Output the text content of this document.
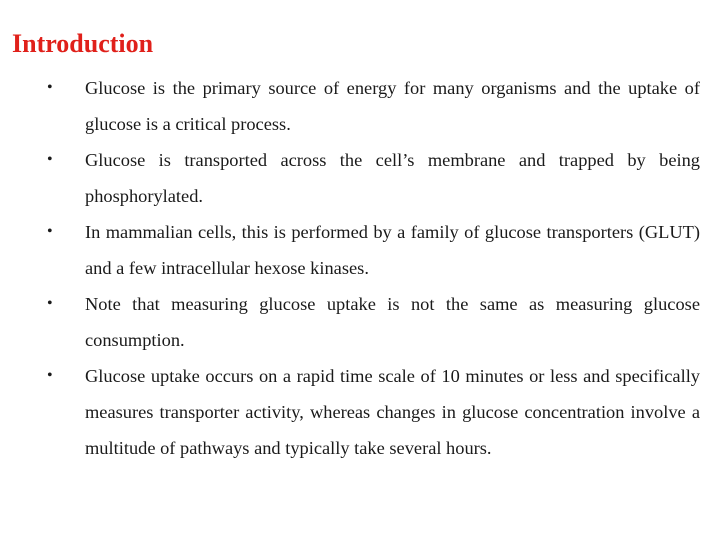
Introduction
• Glucose is the primary source of energy for many organisms and the uptake of glucose is a critical process.
• Glucose is transported across the cell’s membrane and trapped by being phosphorylated.
• In mammalian cells, this is performed by a family of glucose transporters (GLUT) and a few intracellular hexose kinases.
• Note that measuring glucose uptake is not the same as measuring glucose consumption.
• Glucose uptake occurs on a rapid time scale of 10 minutes or less and specifically measures transporter activity, whereas changes in glucose concentration involve a multitude of pathways and typically take several hours.
